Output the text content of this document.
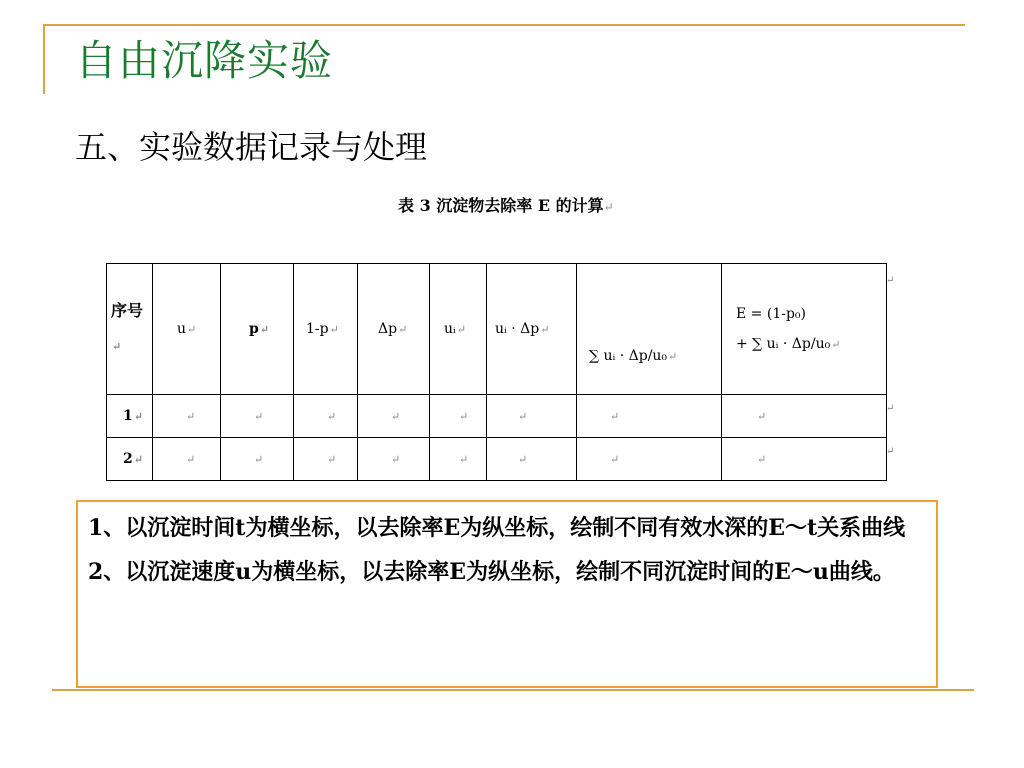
自由沉降实验
五、实验数据记录与处理
表 3 沉淀物去除率 E 的计算↵
序号↵	u↵	p↵	1-p↵	Δp↵	uᵢ↵	uᵢ · Δp↵	∑ uᵢ · Δp/u₀↵	E = (1-p₀)
+ ∑ uᵢ · Δp/u₀↵

1↵	↵	↵	↵	↵	↵	↵	↵	↵
2↵	↵	↵	↵	↵	↵	↵	↵	↵
↵
↵
↵

1、以沉淀时间t为横坐标，以去除率E为纵坐标，绘制不同有效水深的E～t关系曲线

2、以沉淀速度u为横坐标，以去除率E为纵坐标，绘制不同沉淀时间的E～u曲线。
